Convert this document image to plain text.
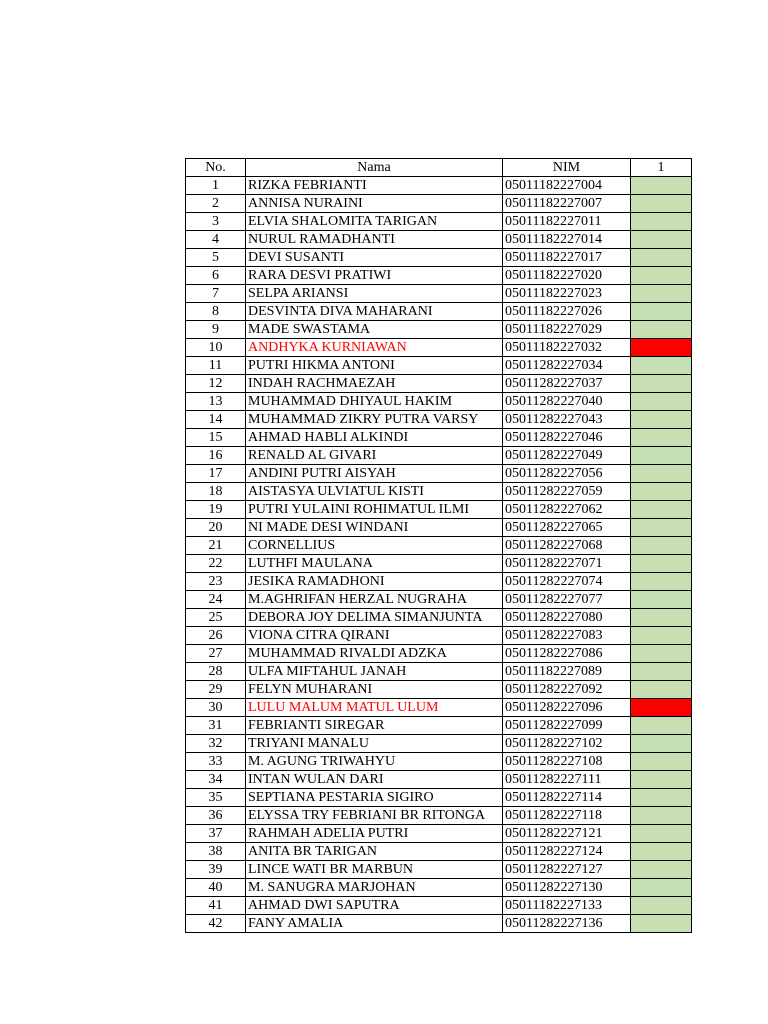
No.	Nama	NIM	1
1	RIZKA FEBRIANTI	05011182227004	
2	ANNISA NURAINI	05011182227007	
3	ELVIA SHALOMITA TARIGAN	05011182227011	
4	NURUL RAMADHANTI	05011182227014	
5	DEVI SUSANTI	05011182227017	
6	RARA DESVI PRATIWI	05011182227020	
7	SELPA ARIANSI	05011182227023	
8	DESVINTA DIVA MAHARANI	05011182227026	
9	MADE SWASTAMA	05011182227029	
10	ANDHYKA KURNIAWAN	05011182227032	
11	PUTRI HIKMA ANTONI	05011282227034	
12	INDAH RACHMAEZAH	05011282227037	
13	MUHAMMAD DHIYAUL HAKIM	05011282227040	
14	MUHAMMAD ZIKRY PUTRA VARSY	05011282227043	
15	AHMAD HABLI ALKINDI	05011282227046	
16	RENALD AL GIVARI	05011282227049	
17	ANDINI PUTRI AISYAH	05011282227056	
18	AISTASYA ULVIATUL KISTI	05011282227059	
19	PUTRI YULAINI ROHIMATUL ILMI	05011282227062	
20	NI MADE DESI WINDANI	05011282227065	
21	CORNELLIUS	05011282227068	
22	LUTHFI MAULANA	05011282227071	
23	JESIKA RAMADHONI	05011282227074	
24	M.AGHRIFAN HERZAL NUGRAHA	05011282227077	
25	DEBORA JOY DELIMA SIMANJUNTA	05011282227080	
26	VIONA CITRA QIRANI	05011282227083	
27	MUHAMMAD RIVALDI ADZKA	05011282227086	
28	ULFA MIFTAHUL JANAH	05011182227089	
29	FELYN MUHARANI	05011282227092	
30	LULU MALUM MATUL ULUM	05011282227096	
31	FEBRIANTI SIREGAR	05011282227099	
32	TRIYANI MANALU	05011282227102	
33	M. AGUNG TRIWAHYU	05011282227108	
34	INTAN WULAN DARI	05011282227111	
35	SEPTIANA PESTARIA SIGIRO	05011282227114	
36	ELYSSA TRY FEBRIANI BR RITONGA	05011282227118	
37	RAHMAH ADELIA PUTRI	05011282227121	
38	ANITA BR TARIGAN	05011282227124	
39	LINCE WATI BR MARBUN	05011282227127	
40	M. SANUGRA MARJOHAN	05011282227130	
41	AHMAD DWI SAPUTRA	05011182227133	
42	FANY AMALIA	05011282227136	
